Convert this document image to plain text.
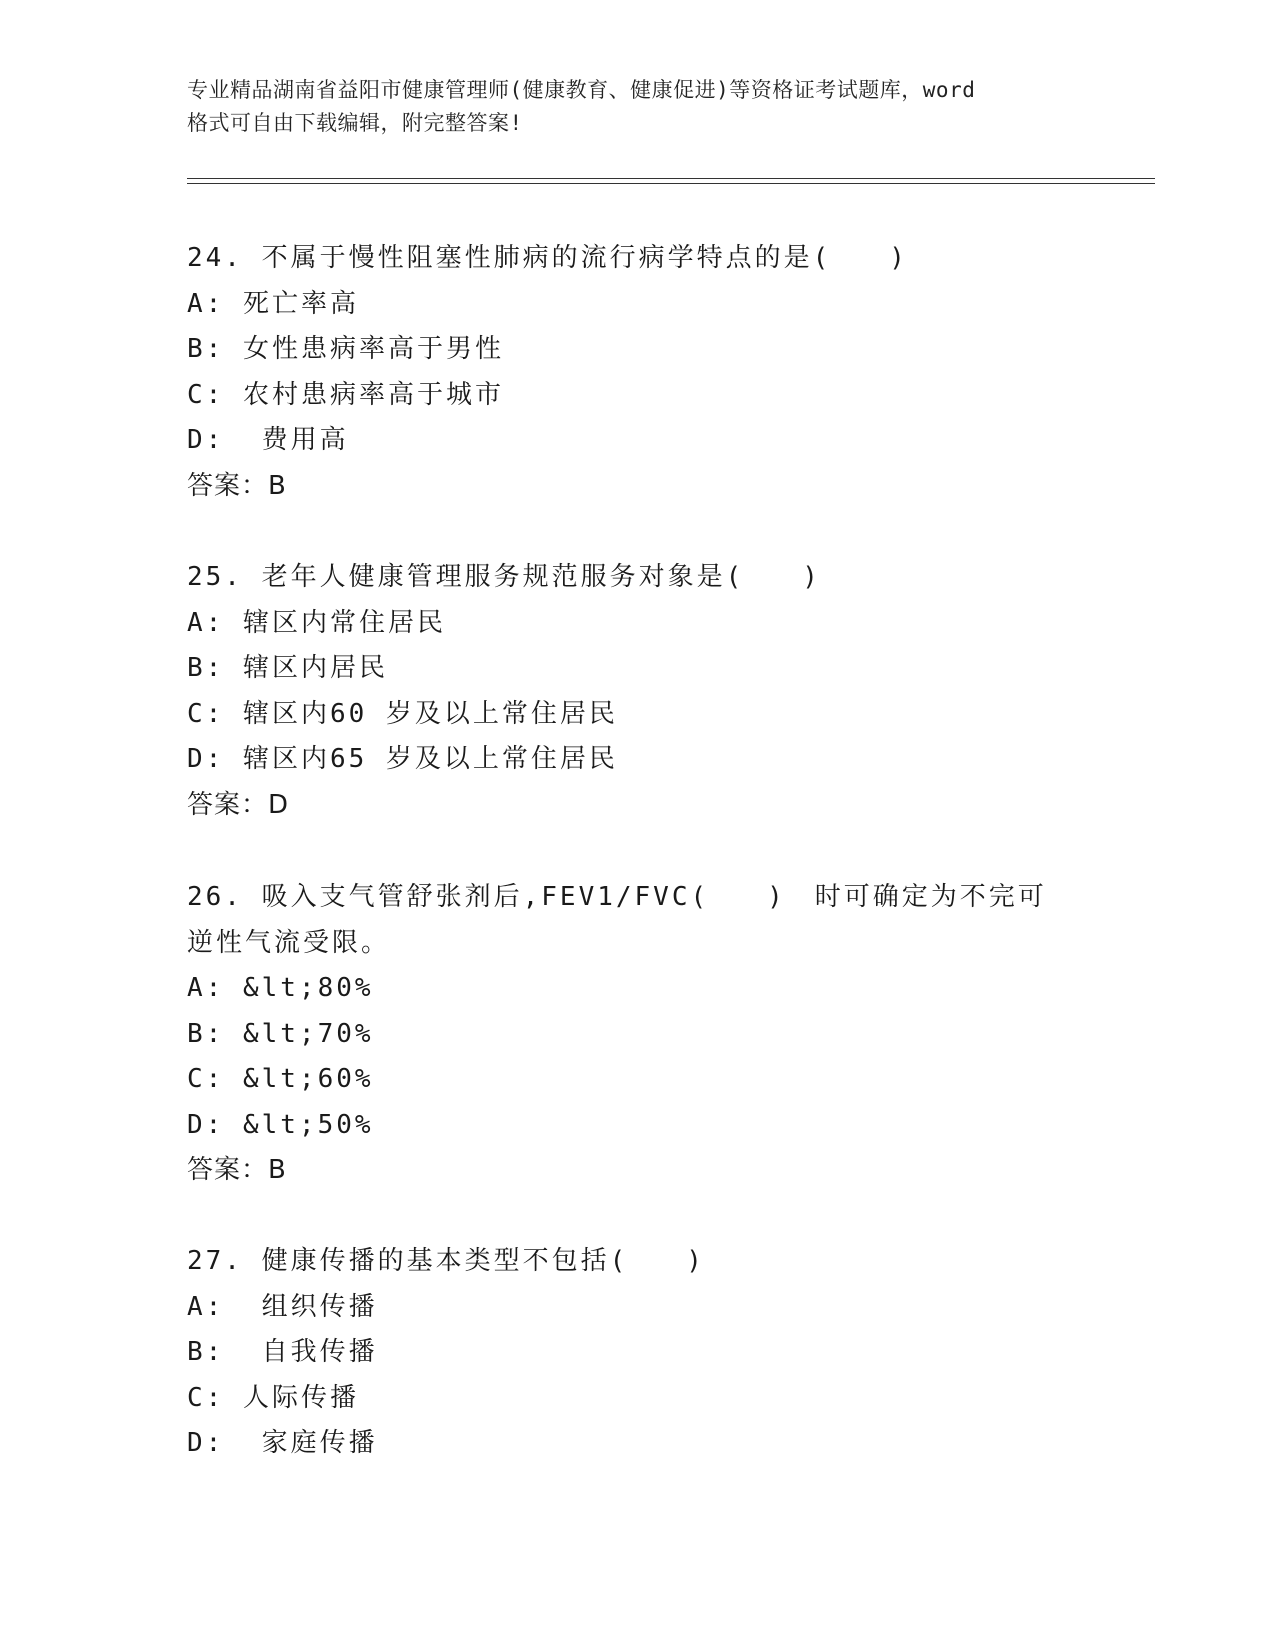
专业精品湖南省益阳市健康管理师(健康教育、健康促进)等资格证考试题库，word
格式可自由下载编辑，附完整答案!
24. 不属于慢性阻塞性肺病的流行病学特点的是(　　)
A: 死亡率高
B: 女性患病率高于男性
C: 农村患病率高于城市
D:  费用高
答案：B
25. 老年人健康管理服务规范服务对象是(　　)
A: 辖区内常住居民
B: 辖区内居民
C: 辖区内60 岁及以上常住居民
D: 辖区内65 岁及以上常住居民
答案：D
26. 吸入支气管舒张剂后,FEV1/FVC(　　)　时可确定为不完可逆性气流受限。
A: &lt;80%
B: &lt;70%
C: &lt;60%
D: &lt;50%
答案：B
27. 健康传播的基本类型不包括(　　)
A:  组织传播
B:  自我传播
C: 人际传播
D:  家庭传播
